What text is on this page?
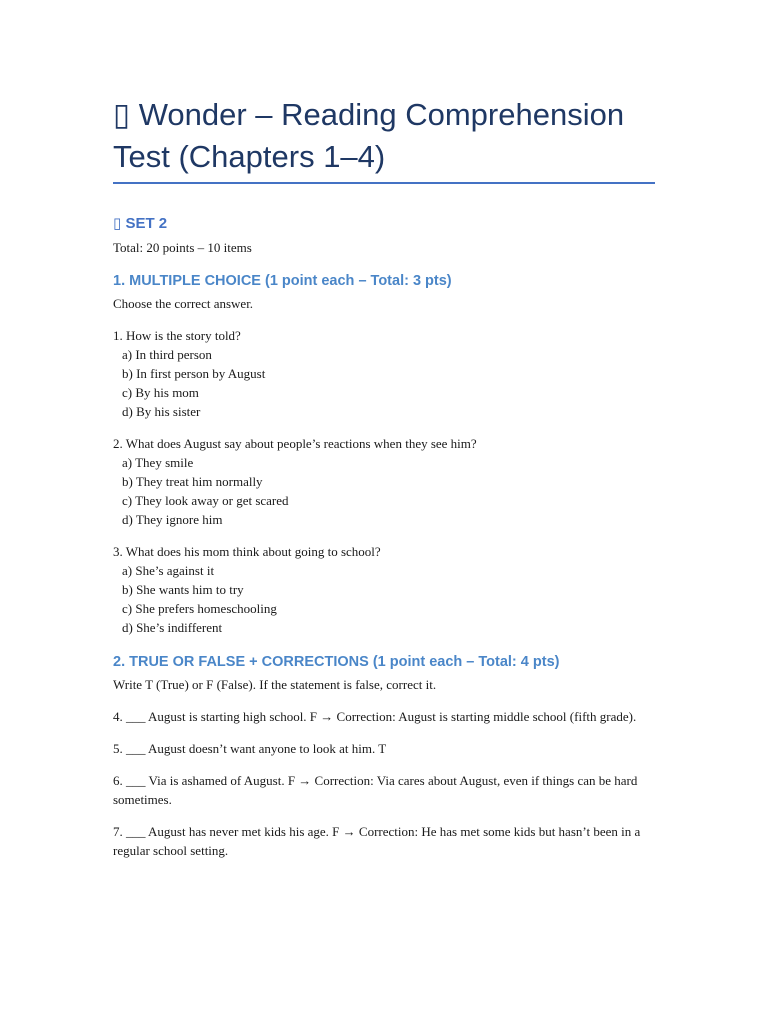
▯ Wonder – Reading Comprehension Test (Chapters 1–4)
▯ SET 2

Total: 20 points – 10 items

1. MULTIPLE CHOICE (1 point each – Total: 3 pts)

Choose the correct answer.

1. How is the story told?
a) In third person
b) In first person by August
c) By his mom
d) By his sister
2. What does August say about people’s reactions when they see him?
a) They smile
b) They treat him normally
c) They look away or get scared
d) They ignore him
3. What does his mom think about going to school?
a) She’s against it
b) She wants him to try
c) She prefers homeschooling
d) She’s indifferent
2. TRUE OR FALSE + CORRECTIONS (1 point each – Total: 4 pts)

Write T (True) or F (False). If the statement is false, correct it.

4. ___ August is starting high school. F → Correction: August is starting middle school (fifth grade).

5. ___ August doesn’t want anyone to look at him. T

6. ___ Via is ashamed of August. F → Correction: Via cares about August, even if things can be hard sometimes.

7. ___ August has never met kids his age. F → Correction: He has met some kids but hasn’t been in a regular school setting.
